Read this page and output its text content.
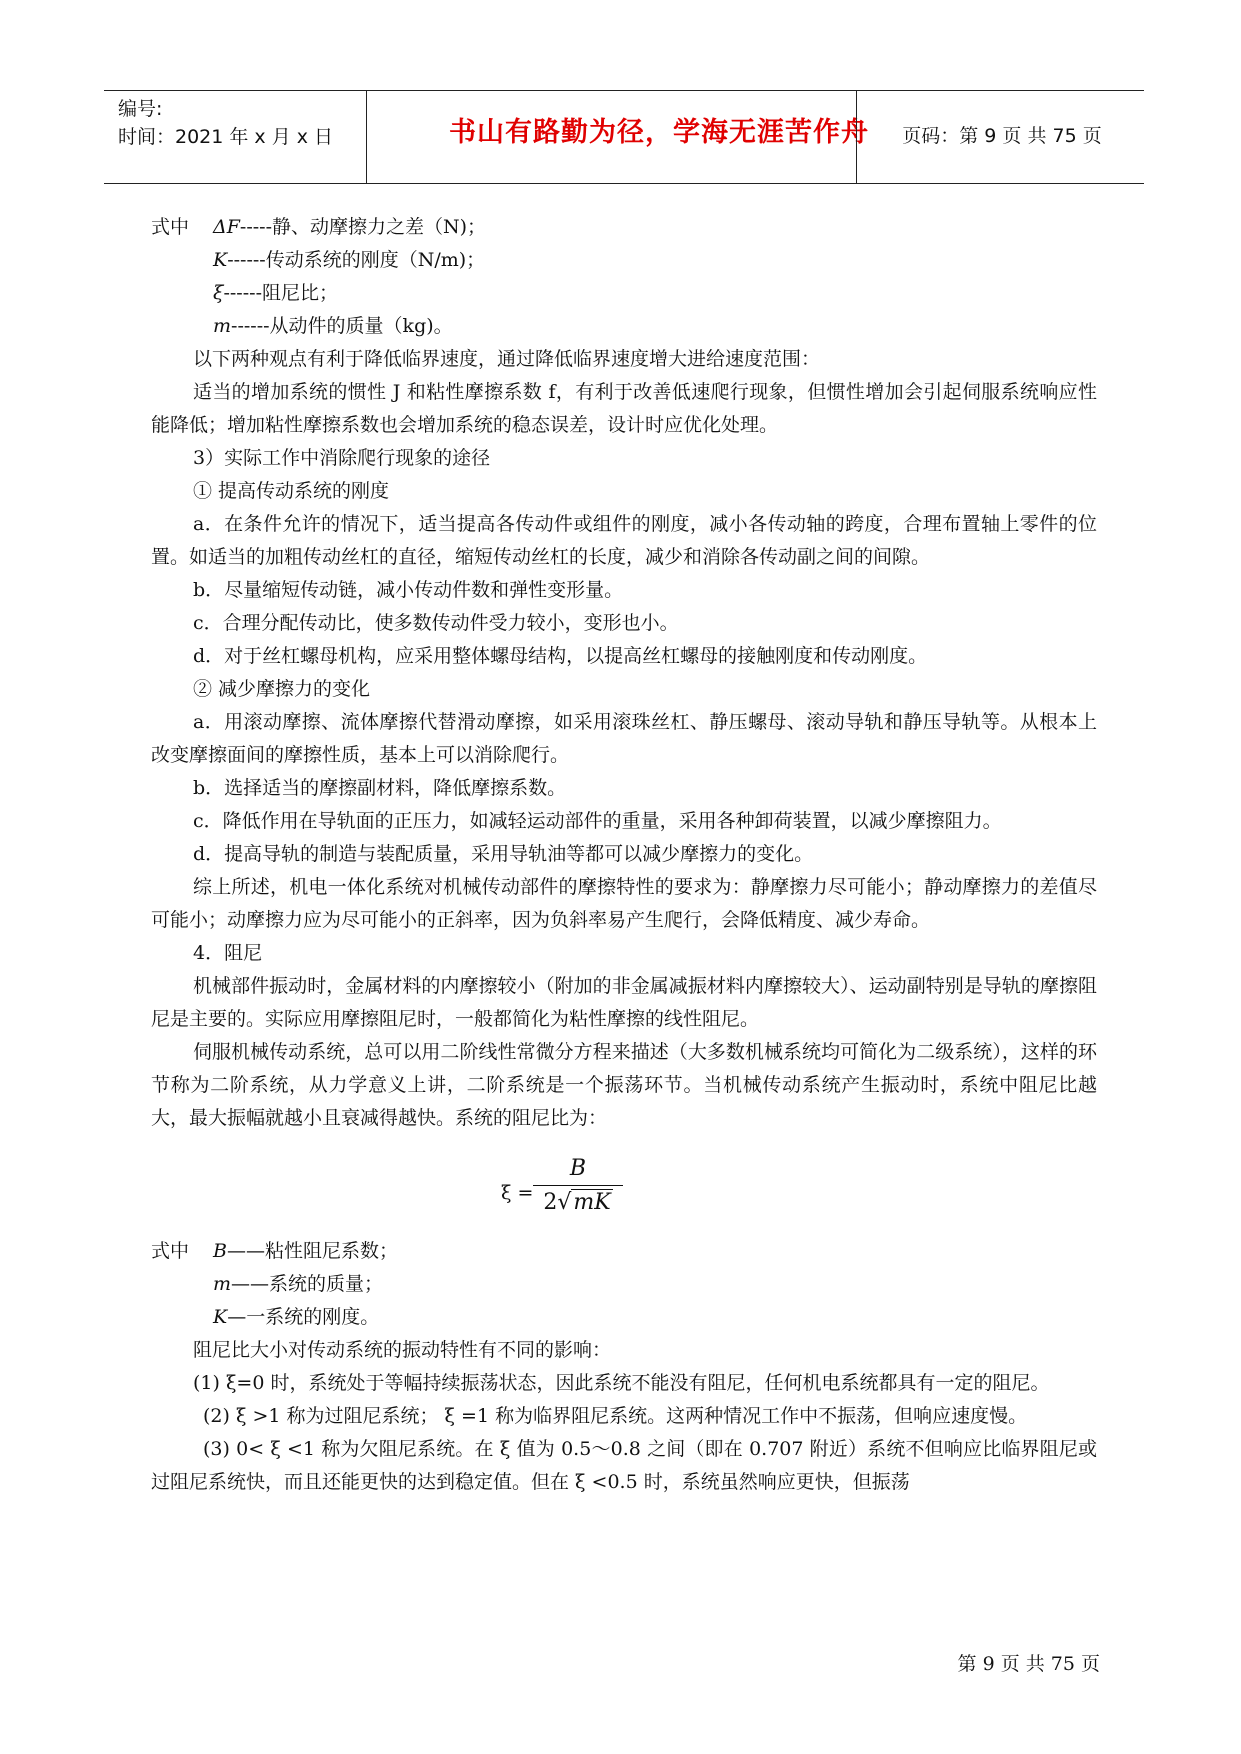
编号:
时间：2021 年 x 月 x 日	书山有路勤为径，学海无涯苦作舟	页码：第 9 页 共 75 页

式中 ΔF-----静、动摩擦力之差（N)；

K------传动系统的刚度（N/m)；

ξ------阻尼比；

m------从动件的质量（kg)。

以下两种观点有利于降低临界速度，通过降低临界速度增大进给速度范围：

适当的增加系统的惯性 J 和粘性摩擦系数 f，有利于改善低速爬行现象，但惯性增加会引起伺服系统响应性能降低；增加粘性摩擦系数也会增加系统的稳态误差，设计时应优化处理。

3）实际工作中消除爬行现象的途径

① 提高传动系统的刚度

a．在条件允许的情况下，适当提高各传动件或组件的刚度，减小各传动轴的跨度，合理布置轴上零件的位置。如适当的加粗传动丝杠的直径，缩短传动丝杠的长度，减少和消除各传动副之间的间隙。

b．尽量缩短传动链，减小传动件数和弹性变形量。

c．合理分配传动比，使多数传动件受力较小，变形也小。

d．对于丝杠螺母机构，应采用整体螺母结构，以提高丝杠螺母的接触刚度和传动刚度。

② 减少摩擦力的变化

a．用滚动摩擦、流体摩擦代替滑动摩擦，如采用滚珠丝杠、静压螺母、滚动导轨和静压导轨等。从根本上改变摩擦面间的摩擦性质，基本上可以消除爬行。

b．选择适当的摩擦副材料，降低摩擦系数。

c．降低作用在导轨面的正压力，如减轻运动部件的重量，采用各种卸荷装置，以减少摩擦阻力。

d．提高导轨的制造与装配质量，采用导轨油等都可以减少摩擦力的变化。

综上所述，机电一体化系统对机械传动部件的摩擦特性的要求为：静摩擦力尽可能小；静动摩擦力的差值尽可能小；动摩擦力应为尽可能小的正斜率，因为负斜率易产生爬行，会降低精度、减少寿命。

4．阻尼

机械部件振动时，金属材料的内摩擦较小（附加的非金属减振材料内摩擦较大）、运动副特别是导轨的摩擦阻尼是主要的。实际应用摩擦阻尼时，一般都简化为粘性摩擦的线性阻尼。

伺服机械传动系统，总可以用二阶线性常微分方程来描述（大多数机械系统均可简化为二级系统），这样的环节称为二阶系统，从力学意义上讲，二阶系统是一个振荡环节。当机械传动系统产生振动时，系统中阻尼比越大，最大振幅就越小且衰减得越快。系统的阻尼比为：

ξ =
B
2√mK

式中 B——粘性阻尼系数；

m——系统的质量；

K—一系统的刚度。

阻尼比大小对传动系统的振动特性有不同的影响：

(1) ξ=0 时，系统处于等幅持续振荡状态，因此系统不能没有阻尼，任何机电系统都具有一定的阻尼。

(2) ξ >1 称为过阻尼系统； ξ =1 称为临界阻尼系统。这两种情况工作中不振荡，但响应速度慢。

(3) 0< ξ <1 称为欠阻尼系统。在 ξ 值为 0.5～0.8 之间（即在 0.707 附近）系统不但响应比临界阻尼或过阻尼系统快，而且还能更快的达到稳定值。但在 ξ <0.5 时，系统虽然响应更快，但振荡

第 9 页 共 75 页
